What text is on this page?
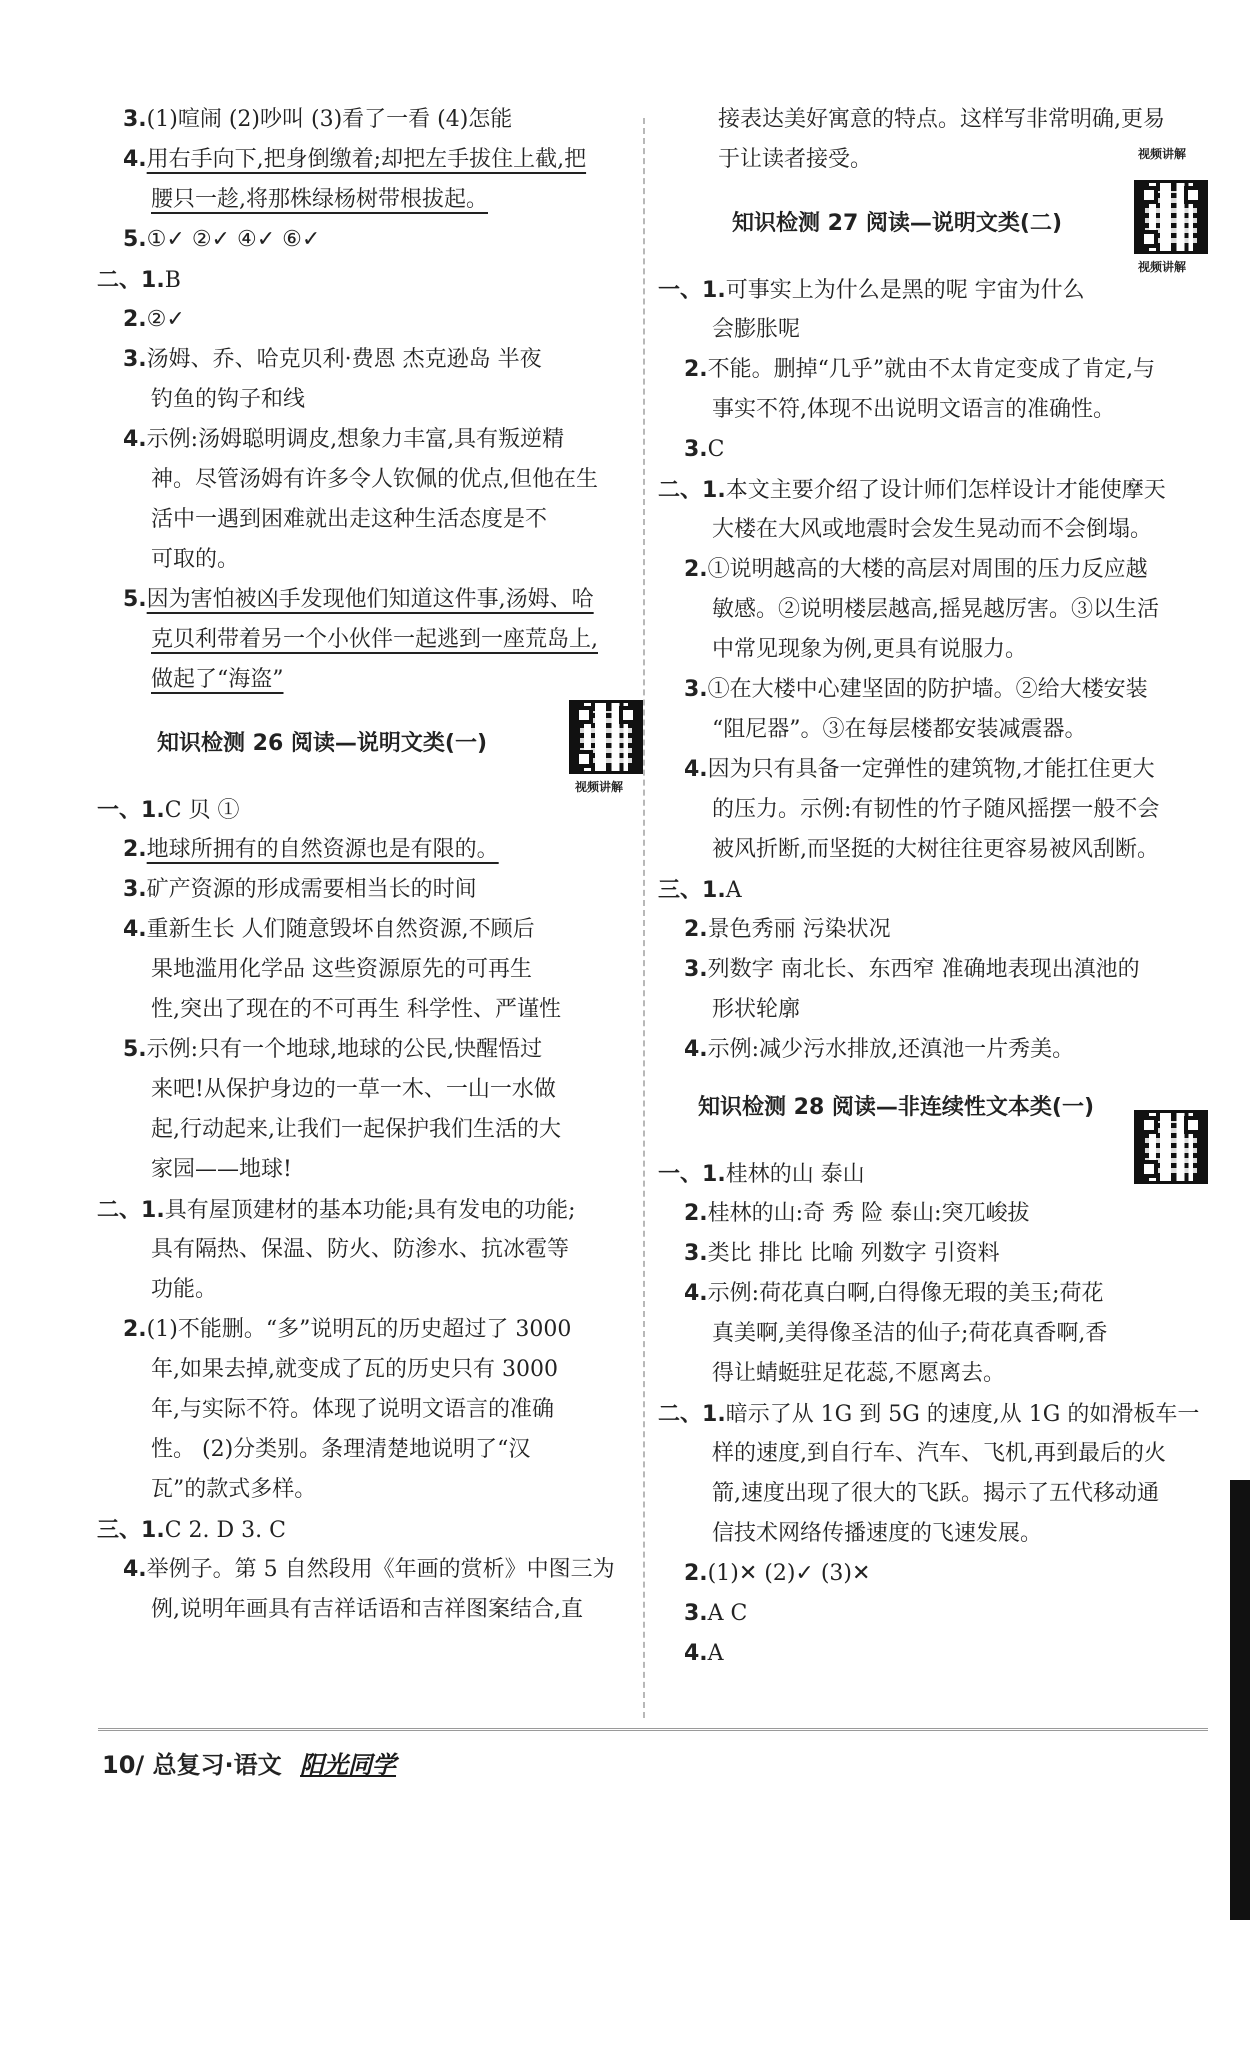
3.(1)喧闹 (2)吵叫 (3)看了一看 (4)怎能
4.用右手向下,把身倒缴着;却把左手拔住上截,把
腰只一趁,将那株绿杨树带根拔起。
5.①✓ ②✓ ④✓ ⑥✓
二、1.B
2.②✓
3.汤姆、乔、哈克贝利·费恩 杰克逊岛 半夜
钓鱼的钩子和线
4.示例:汤姆聪明调皮,想象力丰富,具有叛逆精
神。尽管汤姆有许多令人钦佩的优点,但他在生
活中一遇到困难就出走这种生活态度是不
可取的。
5.因为害怕被凶手发现他们知道这件事,汤姆、哈
克贝利带着另一个小伙伴一起逃到一座荒岛上,
做起了“海盗”
知识检测 26 阅读—说明文类(一)
视频讲解
一、1.C 贝 ①
2.地球所拥有的自然资源也是有限的。
3.矿产资源的形成需要相当长的时间
4.重新生长 人们随意毁坏自然资源,不顾后
果地滥用化学品 这些资源原先的可再生
性,突出了现在的不可再生 科学性、严谨性
5.示例:只有一个地球,地球的公民,快醒悟过
来吧!从保护身边的一草一木、一山一水做
起,行动起来,让我们一起保护我们生活的大
家园——地球!
二、1.具有屋顶建材的基本功能;具有发电的功能;
具有隔热、保温、防火、防渗水、抗冰雹等
功能。
2.(1)不能删。“多”说明瓦的历史超过了 3000
年,如果去掉,就变成了瓦的历史只有 3000
年,与实际不符。体现了说明文语言的准确
性。 (2)分类别。条理清楚地说明了“汉
瓦”的款式多样。
三、1.C 2. D 3. C
4.举例子。第 5 自然段用《年画的赏析》中图三为
例,说明年画具有吉祥话语和吉祥图案结合,直
接表达美好寓意的特点。这样写非常明确,更易
于让读者接受。
知识检测 27 阅读—说明文类(二)
视频讲解
一、1.可事实上为什么是黑的呢 宇宙为什么
会膨胀呢
2.不能。删掉“几乎”就由不太肯定变成了肯定,与
事实不符,体现不出说明文语言的准确性。
3.C
二、1.本文主要介绍了设计师们怎样设计才能使摩天
大楼在大风或地震时会发生晃动而不会倒塌。
2.①说明越高的大楼的高层对周围的压力反应越
敏感。②说明楼层越高,摇晃越厉害。③以生活
中常见现象为例,更具有说服力。
3.①在大楼中心建坚固的防护墙。②给大楼安装
“阻尼器”。③在每层楼都安装减震器。
4.因为只有具备一定弹性的建筑物,才能扛住更大
的压力。示例:有韧性的竹子随风摇摆一般不会
被风折断,而坚挺的大树往往更容易被风刮断。
三、1.A
2.景色秀丽 污染状况
3.列数字 南北长、东西窄 准确地表现出滇池的
形状轮廓
4.示例:减少污水排放,还滇池一片秀美。
知识检测 28 阅读—非连续性文本类(一)
一、1.桂林的山 泰山
2.桂林的山:奇 秀 险 泰山:突兀峻拔
视频讲解
3.类比 排比 比喻 列数字 引资料
4.示例:荷花真白啊,白得像无瑕的美玉;荷花
真美啊,美得像圣洁的仙子;荷花真香啊,香
得让蜻蜓驻足花蕊,不愿离去。
二、1.暗示了从 1G 到 5G 的速度,从 1G 的如滑板车一
样的速度,到自行车、汽车、飞机,再到最后的火
箭,速度出现了很大的飞跃。揭示了五代移动通
信技术网络传播速度的飞速发展。
2.(1)✕ (2)✓ (3)✕
3.A C
4.A
10/ 总复习·语文 阳光同学
